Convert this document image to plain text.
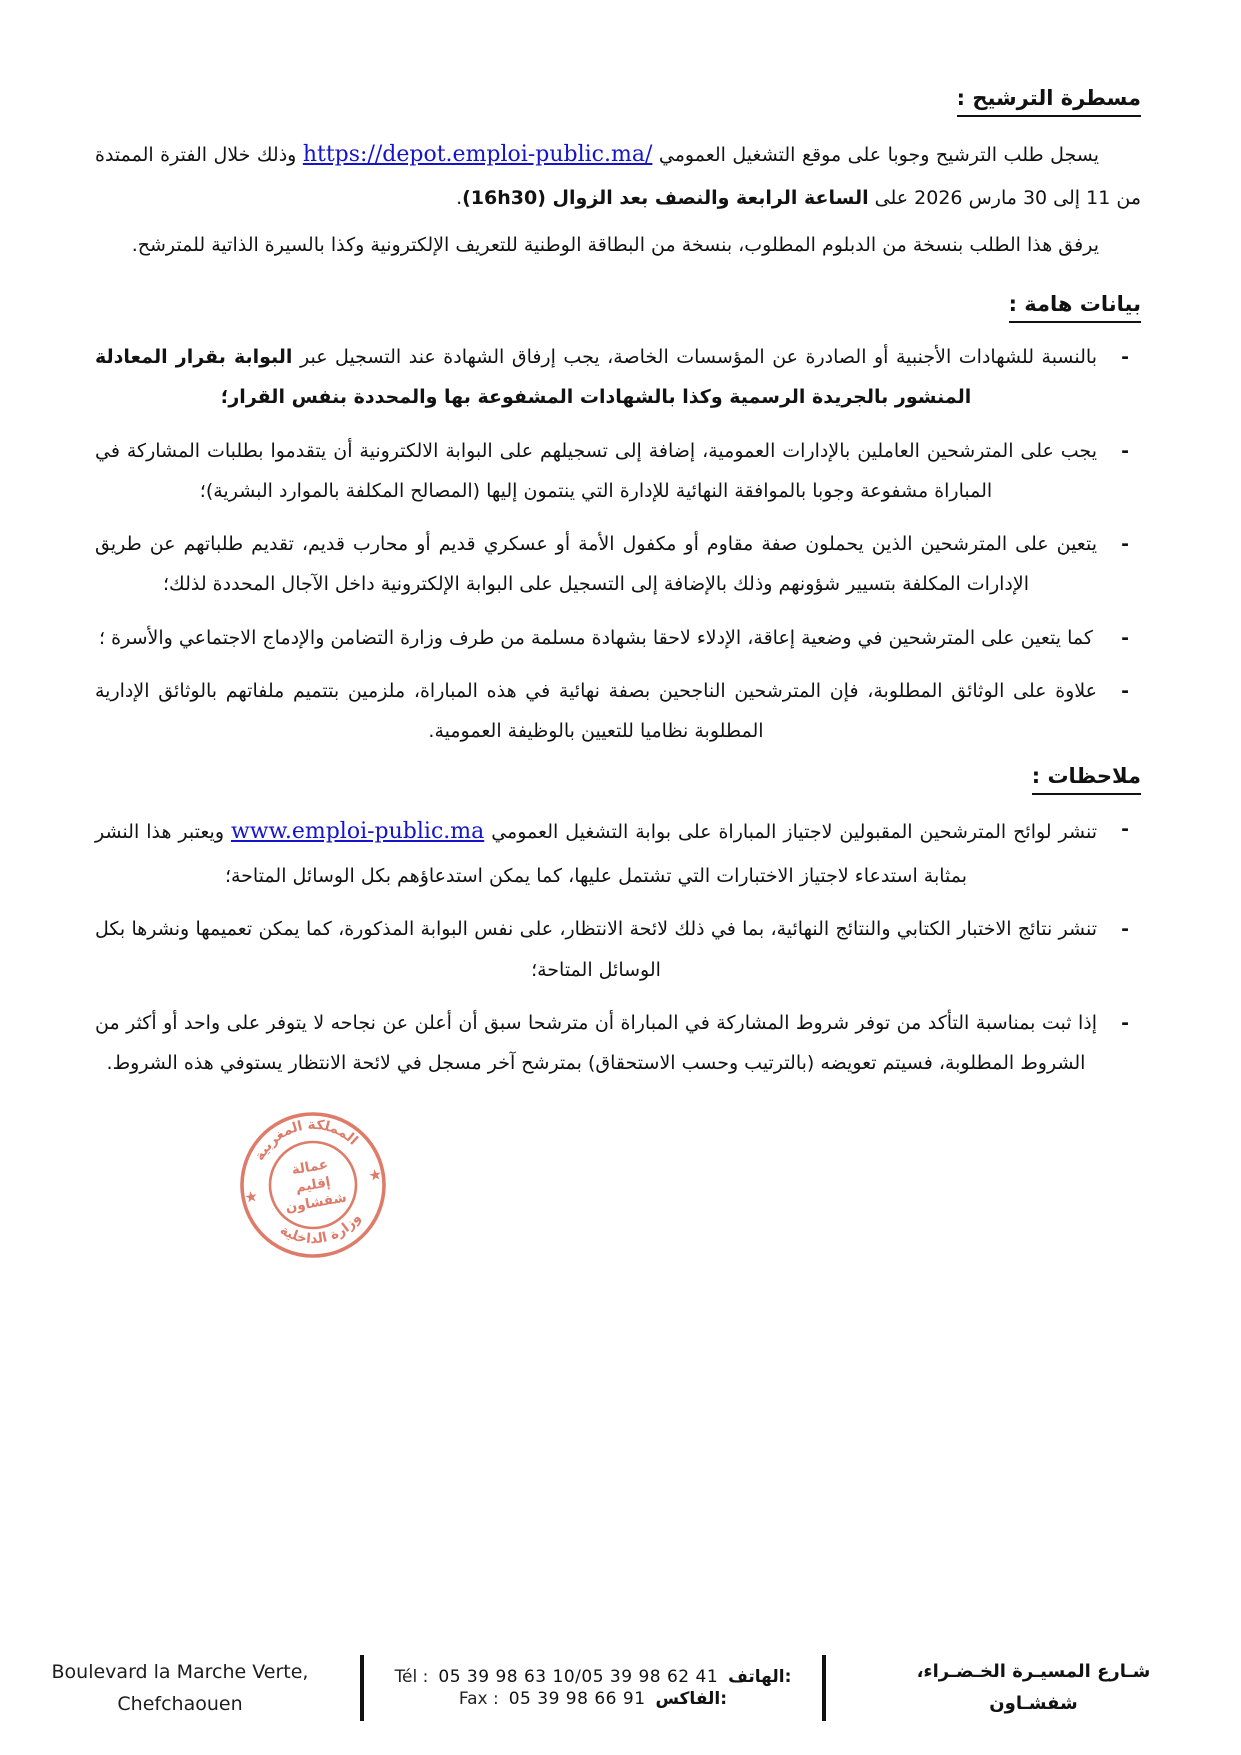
مسطرة الترشيح :

يسجل طلب الترشيح وجوبا على موقع التشغيل العمومي https://depot.emploi-public.ma/ وذلك خلال الفترة الممتدة من 11 إلى 30 مارس 2026 على الساعة الرابعة والنصف بعد الزوال (16h30).

يرفق هذا الطلب بنسخة من الدبلوم المطلوب، بنسخة من البطاقة الوطنية للتعريف الإلكترونية وكذا بالسيرة الذاتية للمترشح.

بيانات هامة :
- بالنسبة للشهادات الأجنبية أو الصادرة عن المؤسسات الخاصة، يجب إرفاق الشهادة عند التسجيل عبر البوابة بقرار المعادلة المنشور بالجريدة الرسمية وكذا بالشهادات المشفوعة بها والمحددة بنفس القرار؛
- يجب على المترشحين العاملين بالإدارات العمومية، إضافة إلى تسجيلهم على البوابة الالكترونية أن يتقدموا بطلبات المشاركة في المباراة مشفوعة وجوبا بالموافقة النهائية للإدارة التي ينتمون إليها (المصالح المكلفة بالموارد البشرية)؛
- يتعين على المترشحين الذين يحملون صفة مقاوم أو مكفول الأمة أو عسكري قديم أو محارب قديم، تقديم طلباتهم عن طريق الإدارات المكلفة بتسيير شؤونهم وذلك بالإضافة إلى التسجيل على البوابة الإلكترونية داخل الآجال المحددة لذلك؛
- كما يتعين على المترشحين في وضعية إعاقة، الإدلاء لاحقا بشهادة مسلمة من طرف وزارة التضامن والإدماج الاجتماعي والأسرة ؛
- علاوة على الوثائق المطلوبة، فإن المترشحين الناجحين بصفة نهائية في هذه المباراة، ملزمين بتتميم ملفاتهم بالوثائق الإدارية المطلوبة نظاميا للتعيين بالوظيفة العمومية.
ملاحظات :
- تنشر لوائح المترشحين المقبولين لاجتياز المباراة على بوابة التشغيل العمومي www.emploi-public.ma ويعتبر هذا النشر بمثابة استدعاء لاجتياز الاختبارات التي تشتمل عليها، كما يمكن استدعاؤهم بكل الوسائل المتاحة؛
- تنشر نتائج الاختبار الكتابي والنتائج النهائية، بما في ذلك لائحة الانتظار، على نفس البوابة المذكورة، كما يمكن تعميمها ونشرها بكل الوسائل المتاحة؛
- إذا ثبت بمناسبة التأكد من توفر شروط المشاركة في المباراة أن مترشحا سبق أن أعلن عن نجاحه لا يتوفر على واحد أو أكثر من الشروط المطلوبة، فسيتم تعويضه (بالترتيب وحسب الاستحقاق) بمترشح آخر مسجل في لائحة الانتظار يستوفي هذه الشروط.
المملكة المغربية
وزارة الداخلية
★
★
عمالة
إقليم
شفشاون
Boulevard la Marche Verte,
Chefchaouen
Tél : 05 39 98 63 10/05 39 98 62 41 الهاتف:
Fax : 05 39 98 66 91 الفاكس:
شـارع المسيـرة الخـضـراء،
شفشـاون
